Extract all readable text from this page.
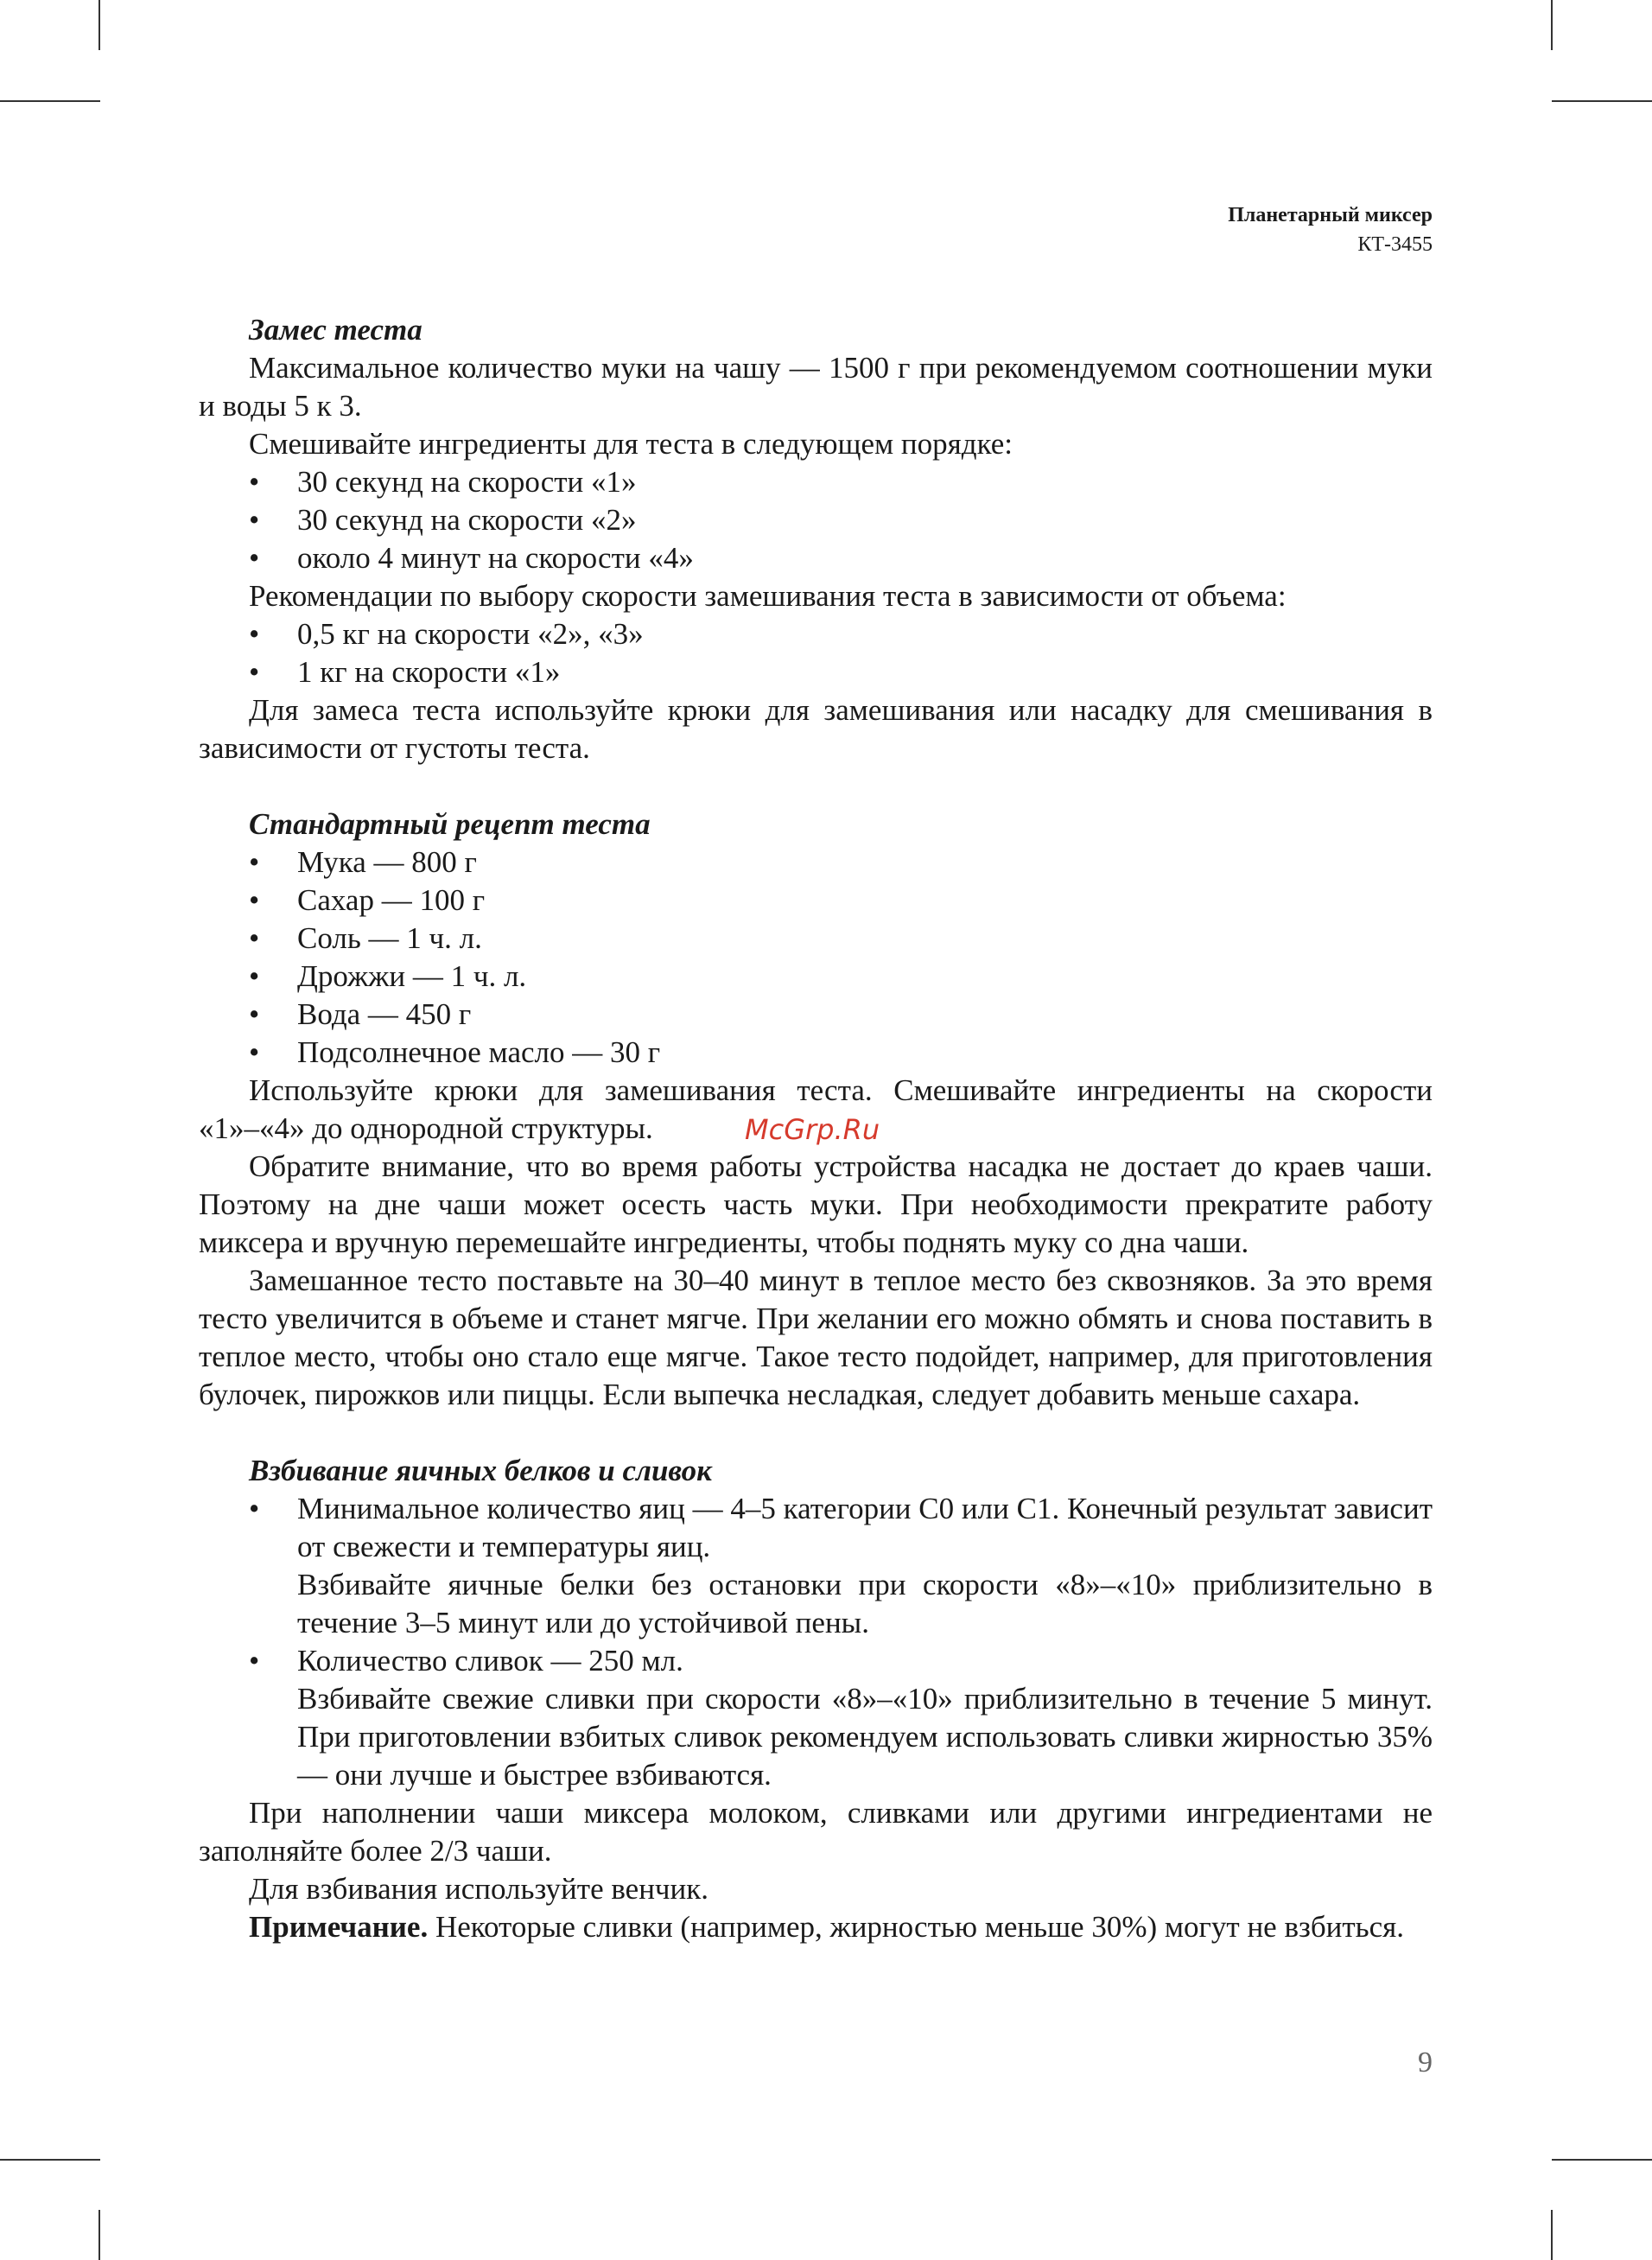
Планетарный миксер
КТ-3455
Замес теста

Максимальное количество муки на чашу — 1500 г при рекомендуемом соотношении муки и воды 5 к 3.

Смешивайте ингредиенты для теста в следующем порядке:

• 30 секунд на скорости «1»
• 30 секунд на скорости «2»
• около 4 минут на скорости «4»

Рекомендации по выбору скорости замешивания теста в зависимости от объема:

• 0,5 кг на скорости «2», «3»
• 1 кг на скорости «1»

Для замеса теста используйте крюки для замешивания или насадку для смешивания в зависимости от густоты теста.

Стандартный рецепт теста
• Мука — 800 г
• Сахар — 100 г
• Соль — 1 ч. л.
• Дрожжи — 1 ч. л.
• Вода — 450 г
• Подсолнечное масло — 30 г

Используйте крюки для замешивания теста. Смешивайте ингредиенты на скорости «1»–«4» до однородной структуры.

Обратите внимание, что во время работы устройства насадка не достает до краев чаши. Поэтому на дне чаши может осесть часть муки. При необходимости прекратите работу миксера и вручную перемешайте ингредиенты, чтобы поднять муку со дна чаши.

Замешанное тесто поставьте на 30–40 минут в теплое место без сквозняков. За это время тесто увеличится в объеме и станет мягче. При желании его можно обмять и снова поставить в теплое место, чтобы оно стало еще мягче. Такое тесто подойдет, например, для приготовления булочек, пирожков или пиццы. Если выпечка несладкая, следует добавить меньше сахара.

Взбивание яичных белков и сливок
• Минимальное количество яиц — 4–5 категории С0 или С1. Конечный результат зависит от свежести и температуры яиц.
Взбивайте яичные белки без остановки при скорости «8»–«10» приблизительно в течение 3–5 минут или до устойчивой пены.
• Количество сливок — 250 мл.
Взбивайте свежие сливки при скорости «8»–«10» приблизительно в течение 5 минут. При приготовлении взбитых сливок рекомендуем использовать сливки жирностью 35% — они лучше и быстрее взбиваются.

При наполнении чаши миксера молоком, сливками или другими ингредиентами не заполняйте более 2/3 чаши.

Для взбивания используйте венчик.

Примечание. Некоторые сливки (например, жирностью меньше 30%) могут не взбиться.

McGrp.Ru
9
